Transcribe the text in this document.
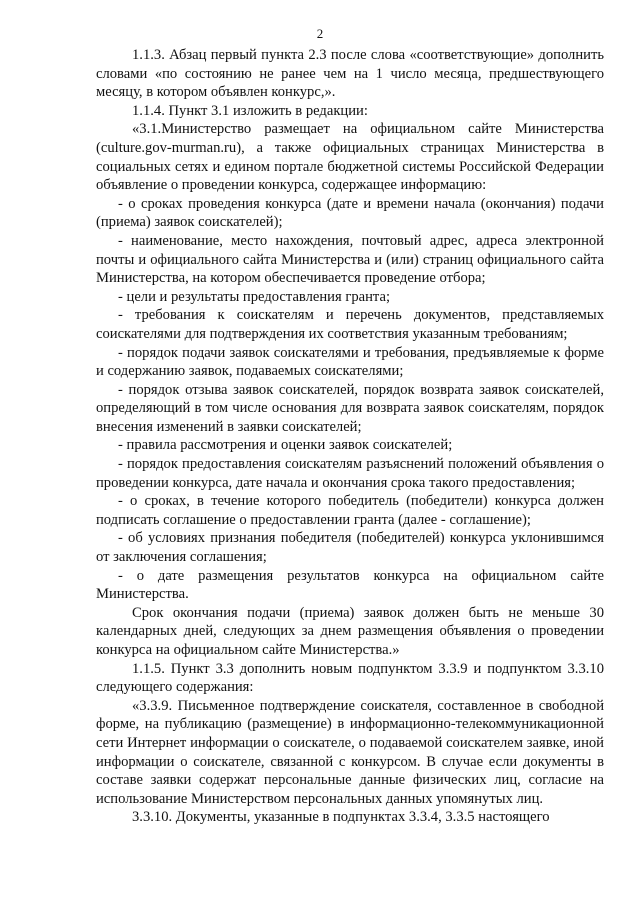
2

1.1.3. Абзац первый пункта 2.3 после слова «соответствующие» дополнить словами «по состоянию не ранее чем на 1 число месяца, предшествующего месяцу, в котором объявлен конкурс,».

1.1.4. Пункт 3.1 изложить в редакции:

«3.1.Министерство размещает на официальном сайте Министерства (culture.gov-murman.ru), а также официальных страницах Министерства в социальных сетях и едином портале бюджетной системы Российской Федерации объявление о проведении конкурса, содержащее информацию:

- о сроках проведения конкурса (дате и времени начала (окончания) подачи (приема) заявок соискателей);

- наименование, место нахождения, почтовый адрес, адреса электронной почты и официального сайта Министерства и (или) страниц официального сайта Министерства, на котором обеспечивается проведение отбора;

- цели и результаты предоставления гранта;

- требования к соискателям и перечень документов, представляемых соискателями для подтверждения их соответствия указанным требованиям;

- порядок подачи заявок соискателями и требования, предъявляемые к форме и содержанию заявок, подаваемых соискателями;

- порядок отзыва заявок соискателей, порядок возврата заявок соискателей, определяющий в том числе основания для возврата заявок соискателям, порядок внесения изменений в заявки соискателей;

- правила рассмотрения и оценки заявок соискателей;

- порядок предоставления соискателям разъяснений положений объявления о проведении конкурса, дате начала и окончания срока такого предоставления;

- о сроках, в течение которого победитель (победители) конкурса должен подписать соглашение о предоставлении гранта (далее - соглашение);

- об условиях признания победителя (победителей) конкурса уклонившимся от заключения соглашения;

- о дате размещения результатов конкурса на официальном сайте Министерства.

Срок окончания подачи (приема) заявок должен быть не меньше 30 календарных дней, следующих за днем размещения объявления о проведении конкурса на официальном сайте Министерства.»

1.1.5. Пункт 3.3 дополнить новым подпунктом 3.3.9 и подпунктом 3.3.10 следующего содержания:

«3.3.9. Письменное подтверждение соискателя, составленное в свободной форме, на публикацию (размещение) в информационно-телекоммуникационной сети Интернет информации о соискателе, о подаваемой соискателем заявке, иной информации о соискателе, связанной с конкурсом. В случае если документы в составе заявки содержат персональные данные физических лиц, согласие на использование Министерством персональных данных упомянутых лиц.

3.3.10. Документы, указанные в подпунктах 3.3.4, 3.3.5 настоящего
